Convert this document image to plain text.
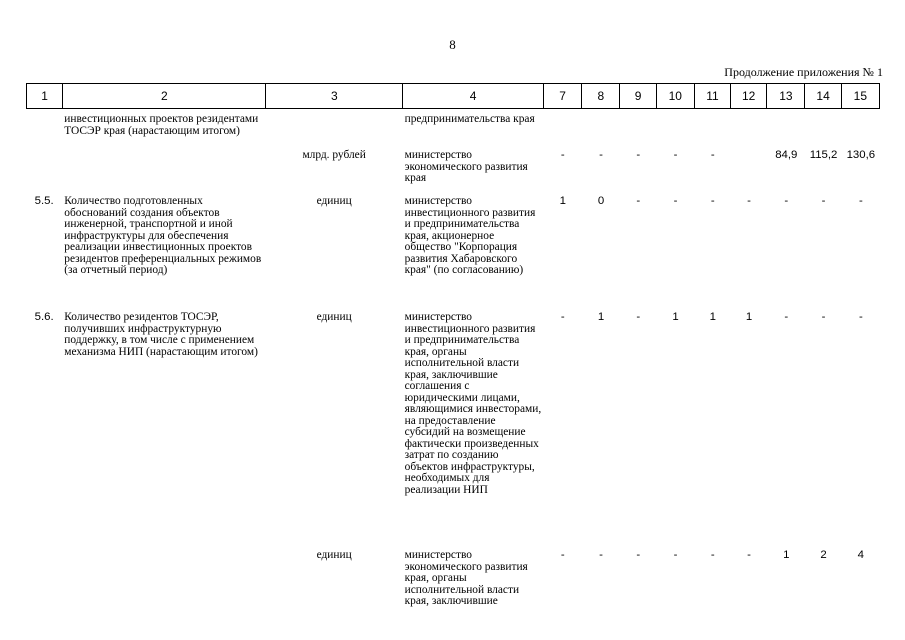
8
Продолжение приложения № 1
1	2	3	4	7	8	9	10	11	12	13	14	15
	инвестиционных проектов резидентами ТОСЭР края (нарастающим итогом)		предпринимательства края									
		млрд. рублей	министерство экономического развития края	-	-	-	-	-		84,9	115,2	130,6
5.5.	Количество подготовленных обоснований создания объектов инженерной, транспортной и иной инфраструктуры для обеспечения реализации инвестиционных проектов резидентов преференциальных режимов (за отчетный период)	единиц	министерство инвестиционного развития и предпринимательства края, акционерное общество "Корпорация развития Хабаровского края" (по согласованию)	1	0	-	-	-	-	-	-	-
5.6.	Количество резидентов ТОСЭР, получивших инфраструктурную поддержку, в том числе с применением механизма НИП (нарастающим итогом)	единиц	министерство инвестиционного развития и предпринимательства края, органы исполнительной власти края, заключившие соглашения с юридическими лицами, являющимися инвесторами, на предоставление субсидий на возмещение фактически произведенных затрат по созданию объектов инфраструктуры, необходимых для реализации НИП	-	1	-	1	1	1	-	-	-
		единиц	министерство экономического развития края, органы исполнительной власти края, заключившие	-	-	-	-	-	-	1	2	4
